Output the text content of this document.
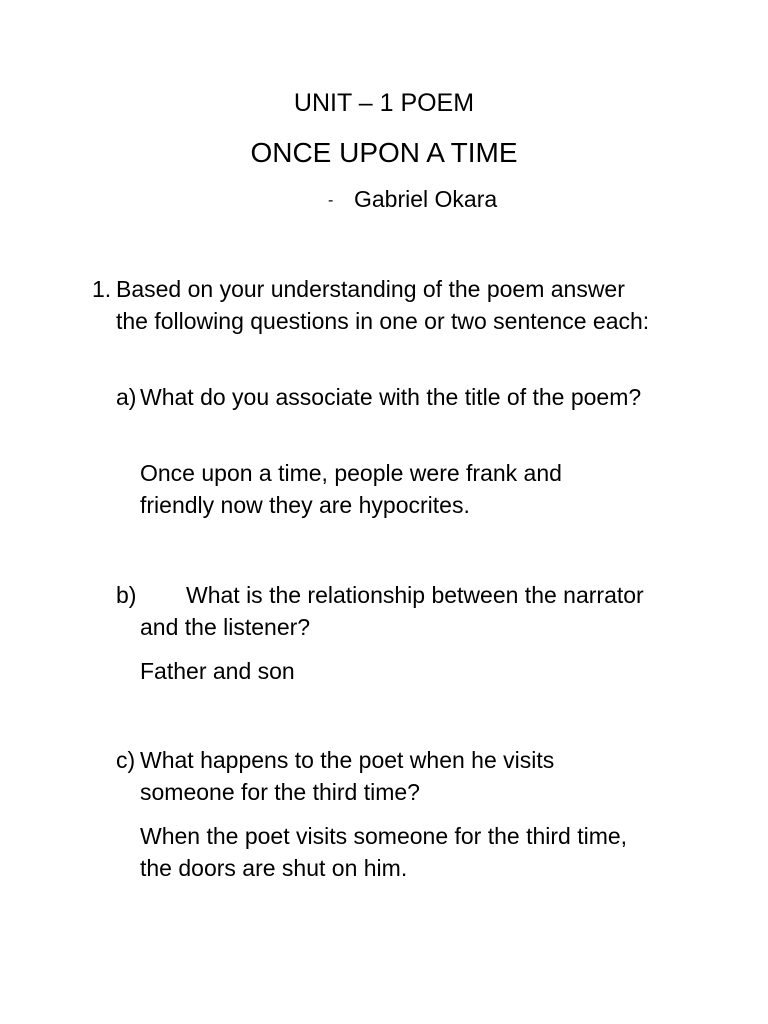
UNIT – 1 POEM
ONCE UPON A TIME
- Gabriel Okara
1. Based on your understanding of the poem answer the following questions in one or two sentence each:
a) What do you associate with the title of the poem?
Once upon a time, people were frank and friendly now they are hypocrites.
b)	What is the relationship between the narrator and the listener?
Father and son
c) What happens to the poet when he visits someone for the third time?
When the poet visits someone for the third time, the doors are shut on him.
